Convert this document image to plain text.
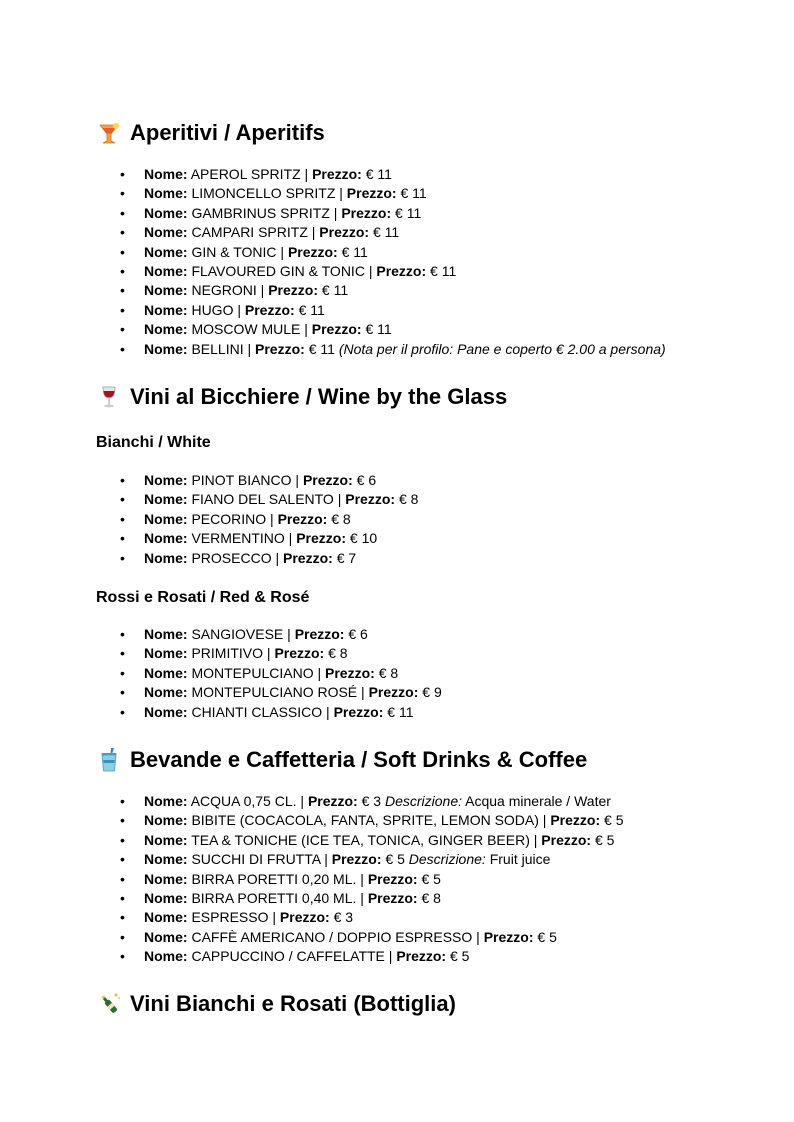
Aperitivi / Aperitifs
• Nome: APEROL SPRITZ | Prezzo: € 11
• Nome: LIMONCELLO SPRITZ | Prezzo: € 11
• Nome: GAMBRINUS SPRITZ | Prezzo: € 11
• Nome: CAMPARI SPRITZ | Prezzo: € 11
• Nome: GIN & TONIC | Prezzo: € 11
• Nome: FLAVOURED GIN & TONIC | Prezzo: € 11
• Nome: NEGRONI | Prezzo: € 11
• Nome: HUGO | Prezzo: € 11
• Nome: MOSCOW MULE | Prezzo: € 11
• Nome: BELLINI | Prezzo: € 11 (Nota per il profilo: Pane e coperto € 2.00 a persona)
Vini al Bicchiere / Wine by the Glass
Bianchi / White
• Nome: PINOT BIANCO | Prezzo: € 6
• Nome: FIANO DEL SALENTO | Prezzo: € 8
• Nome: PECORINO | Prezzo: € 8
• Nome: VERMENTINO | Prezzo: € 10
• Nome: PROSECCO | Prezzo: € 7
Rossi e Rosati / Red & Rosé
• Nome: SANGIOVESE | Prezzo: € 6
• Nome: PRIMITIVO | Prezzo: € 8
• Nome: MONTEPULCIANO | Prezzo: € 8
• Nome: MONTEPULCIANO ROSÉ | Prezzo: € 9
• Nome: CHIANTI CLASSICO | Prezzo: € 11
Bevande e Caffetteria / Soft Drinks & Coffee
• Nome: ACQUA 0,75 CL. | Prezzo: € 3 Descrizione: Acqua minerale / Water
• Nome: BIBITE (COCACOLA, FANTA, SPRITE, LEMON SODA) | Prezzo: € 5
• Nome: TEA & TONICHE (ICE TEA, TONICA, GINGER BEER) | Prezzo: € 5
• Nome: SUCCHI DI FRUTTA | Prezzo: € 5 Descrizione: Fruit juice
• Nome: BIRRA PORETTI 0,20 ML. | Prezzo: € 5
• Nome: BIRRA PORETTI 0,40 ML. | Prezzo: € 8
• Nome: ESPRESSO | Prezzo: € 3
• Nome: CAFFÈ AMERICANO / DOPPIO ESPRESSO | Prezzo: € 5
• Nome: CAPPUCCINO / CAFFELATTE | Prezzo: € 5
Vini Bianchi e Rosati (Bottiglia)
